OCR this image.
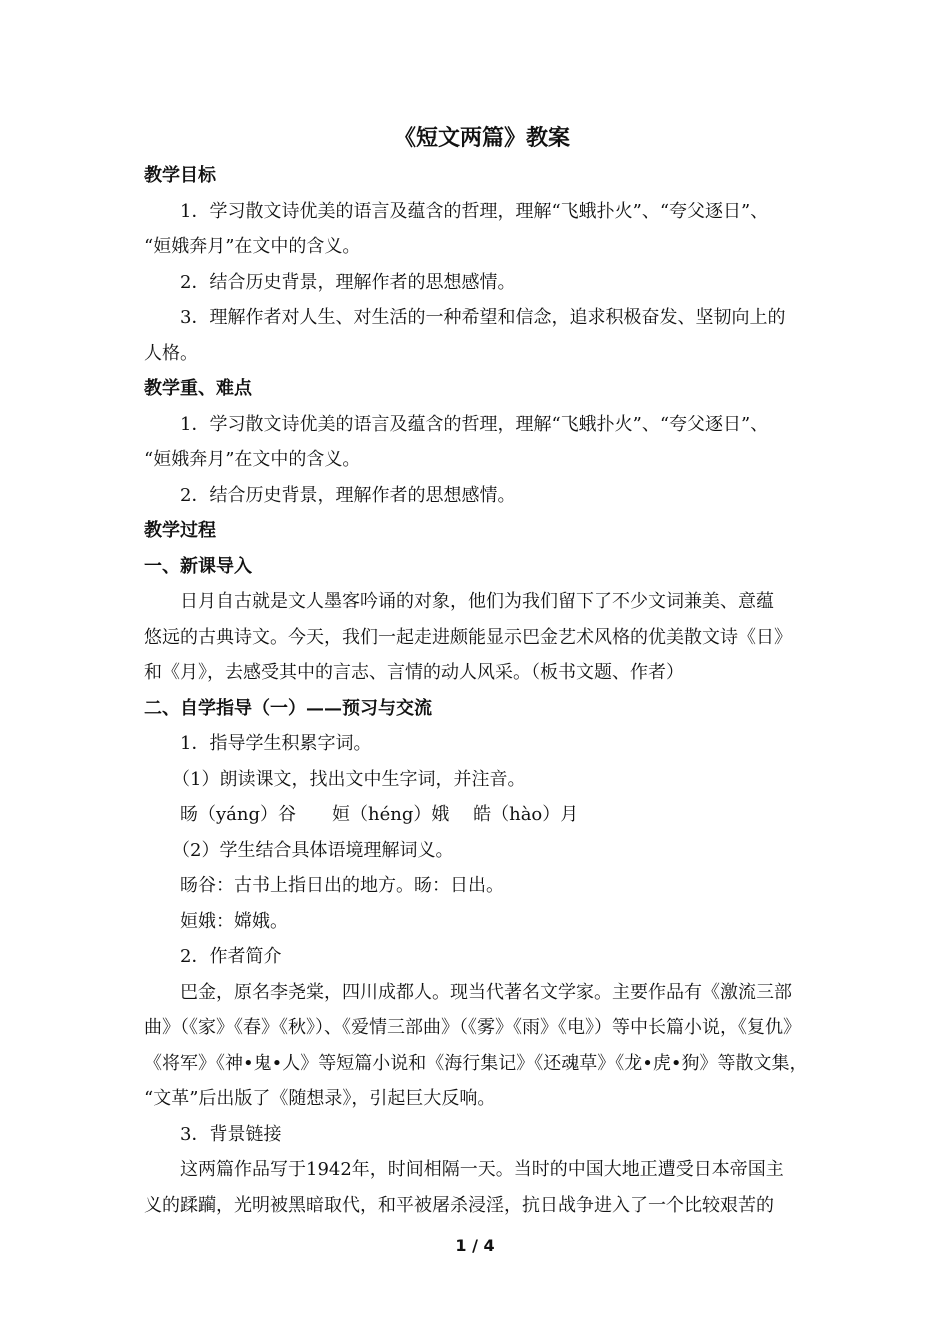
《短文两篇》教案

教学目标

1．学习散文诗优美的语言及蕴含的哲理，理解“飞蛾扑火”、“夸父逐日”、

“姮娥奔月”在文中的含义。

2．结合历史背景，理解作者的思想感情。

3．理解作者对人生、对生活的一种希望和信念，追求积极奋发、坚韧向上的

人格。

教学重、难点

1．学习散文诗优美的语言及蕴含的哲理，理解“飞蛾扑火”、“夸父逐日”、

“姮娥奔月”在文中的含义。

2．结合历史背景，理解作者的思想感情。

教学过程

一、新课导入

日月自古就是文人墨客吟诵的对象，他们为我们留下了不少文词兼美、意蕴

悠远的古典诗文。今天，我们一起走进颇能显示巴金艺术风格的优美散文诗《日》

和《月》，去感受其中的言志、言情的动人风采。（板书文题、作者）

二、自学指导（一）——预习与交流

1．指导学生积累字词。

（1）朗读课文，找出文中生字词，并注音。

旸（yáng）谷　　姮（héng）娥　 皓（hào）月

（2）学生结合具体语境理解词义。

旸谷：古书上指日出的地方。旸：日出。

姮娥：嫦娥。

2．作者简介

巴金，原名李尧棠，四川成都人。现当代著名文学家。主要作品有《激流三部

曲》（《家》《春》《秋》）、《爱情三部曲》（《雾》《雨》《电》）等中长篇小说，《复仇》

《将军》《神•鬼•人》等短篇小说和《海行集记》《还魂草》《龙•虎•狗》等散文集，

“文革”后出版了《随想录》，引起巨大反响。

3．背景链接

这两篇作品写于1942年，时间相隔一天。当时的中国大地正遭受日本帝国主

义的蹂躏，光明被黑暗取代，和平被屠杀浸淫，抗日战争进入了一个比较艰苦的

1 / 4
